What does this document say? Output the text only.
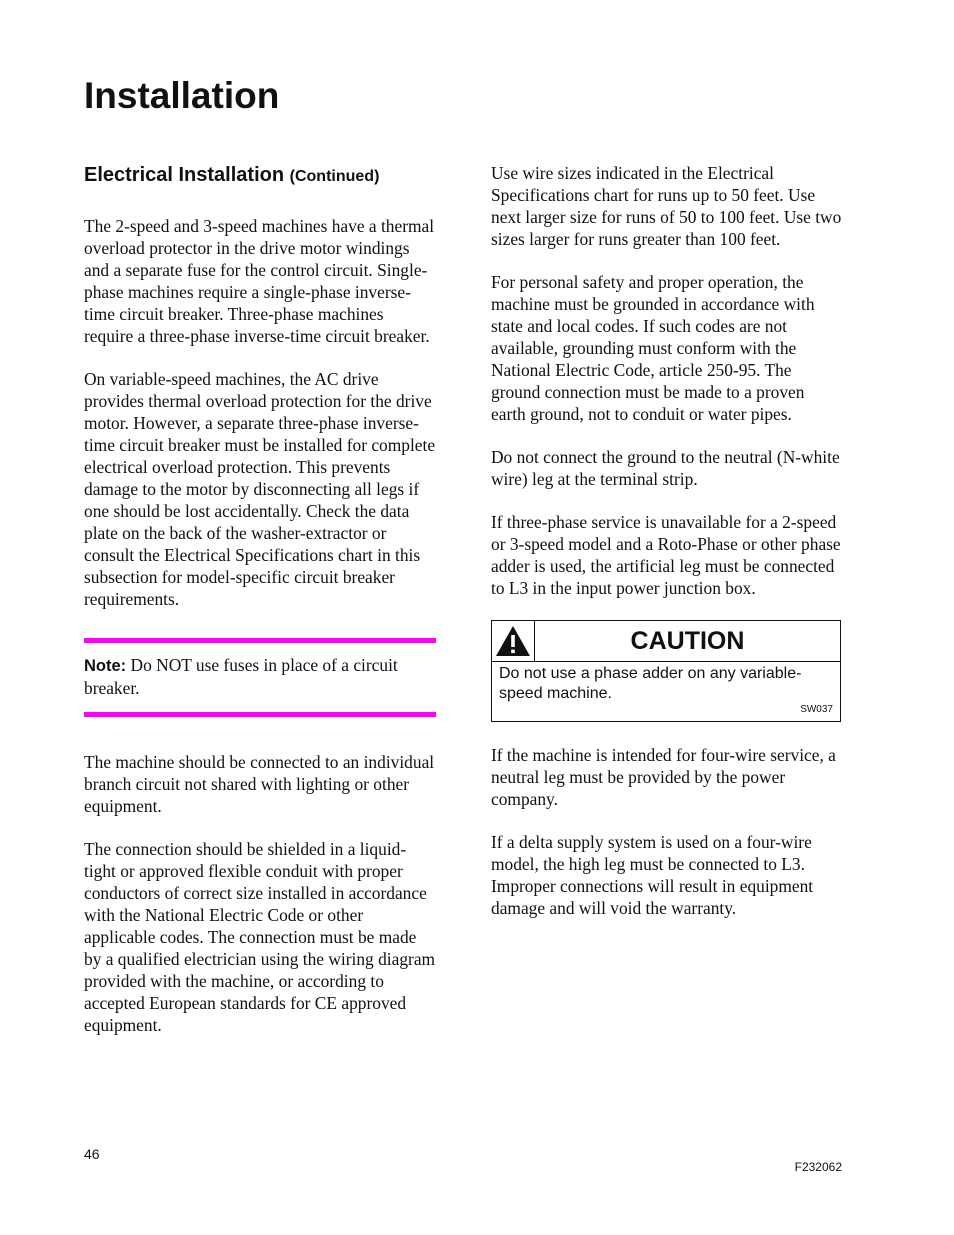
Installation
Electrical Installation (Continued)

The 2-speed and 3-speed machines have a thermal overload protector in the drive motor windings and a separate fuse for the control circuit. Single-phase machines require a single-phase inverse-time circuit breaker. Three-phase machines require a three-phase inverse-time circuit breaker.

On variable-speed machines, the AC drive provides thermal overload protection for the drive motor. However, a separate three-phase inverse-time circuit breaker must be installed for complete electrical overload protection. This prevents damage to the motor by disconnecting all legs if one should be lost accidentally. Check the data plate on the back of the washer-extractor or consult the Electrical Specifications chart in this subsection for model-specific circuit breaker requirements.

Note: Do NOT use fuses in place of a circuit breaker.

The machine should be connected to an individual branch circuit not shared with lighting or other equipment.

The connection should be shielded in a liquid-tight or approved flexible conduit with proper conductors of correct size installed in accordance with the National Electric Code or other applicable codes. The connection must be made by a qualified electrician using the wiring diagram provided with the machine, or according to accepted European standards for CE approved equipment.

Use wire sizes indicated in the Electrical Specifications chart for runs up to 50 feet. Use next larger size for runs of 50 to 100 feet. Use two sizes larger for runs greater than 100 feet.

For personal safety and proper operation, the machine must be grounded in accordance with state and local codes. If such codes are not available, grounding must conform with the National Electric Code, article 250-95. The ground connection must be made to a proven earth ground, not to conduit or water pipes.

Do not connect the ground to the neutral (N-white wire) leg at the terminal strip.

If three-phase service is unavailable for a 2-speed or 3-speed model and a Roto-Phase or other phase adder is used, the artificial leg must be connected to L3 in the input power junction box.

CAUTION

Do not use a phase adder on any variable-speed machine.

SW037

If the machine is intended for four-wire service, a neutral leg must be provided by the power company.

If a delta supply system is used on a four-wire model, the high leg must be connected to L3. Improper connections will result in equipment damage and will void the warranty.

46
F232062
